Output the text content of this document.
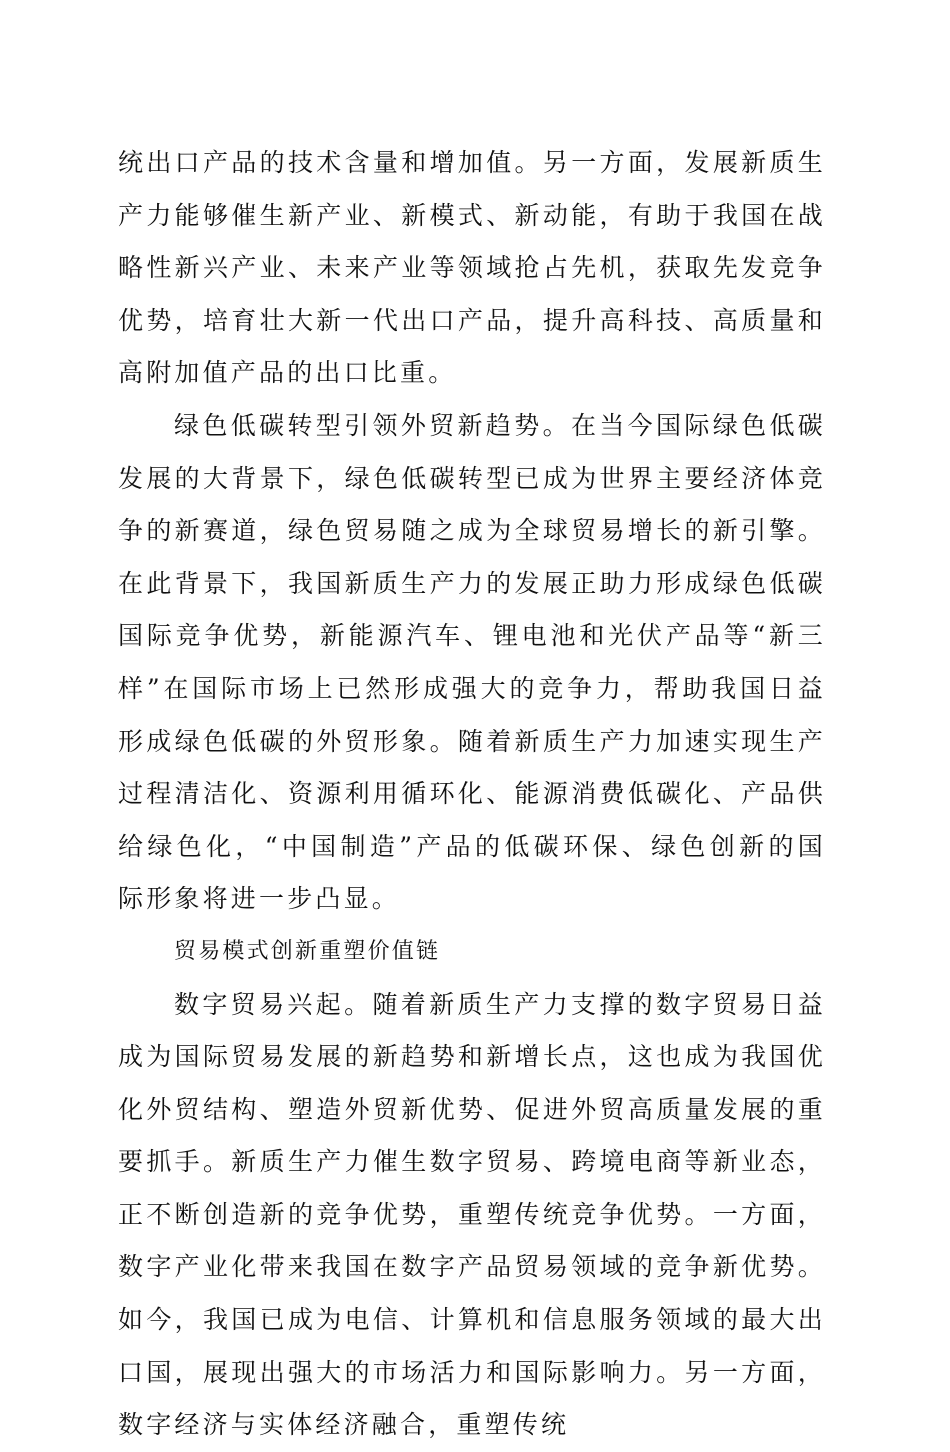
统出口产品的技术含量和增加值。另一方面，发展新质生产力能够催生新产业、新模式、新动能，有助于我国在战略性新兴产业、未来产业等领域抢占先机，获取先发竞争优势，培育壮大新一代出口产品，提升高科技、高质量和高附加值产品的出口比重。

绿色低碳转型引领外贸新趋势。在当今国际绿色低碳发展的大背景下，绿色低碳转型已成为世界主要经济体竞争的新赛道，绿色贸易随之成为全球贸易增长的新引擎。在此背景下，我国新质生产力的发展正助力形成绿色低碳国际竞争优势，新能源汽车、锂电池和光伏产品等“新三样”在国际市场上已然形成强大的竞争力，帮助我国日益形成绿色低碳的外贸形象。随着新质生产力加速实现生产过程清洁化、资源利用循环化、能源消费低碳化、产品供给绿色化，“中国制造”产品的低碳环保、绿色创新的国际形象将进一步凸显。

贸易模式创新重塑价值链

数字贸易兴起。随着新质生产力支撑的数字贸易日益成为国际贸易发展的新趋势和新增长点，这也成为我国优化外贸结构、塑造外贸新优势、促进外贸高质量发展的重要抓手。新质生产力催生数字贸易、跨境电商等新业态，正不断创造新的竞争优势，重塑传统竞争优势。一方面，数字产业化带来我国在数字产品贸易领域的竞争新优势。如今，我国已成为电信、计算机和信息服务领域的最大出口国，展现出强大的市场活力和国际影响力。另一方面，数字经济与实体经济融合，重塑传统
